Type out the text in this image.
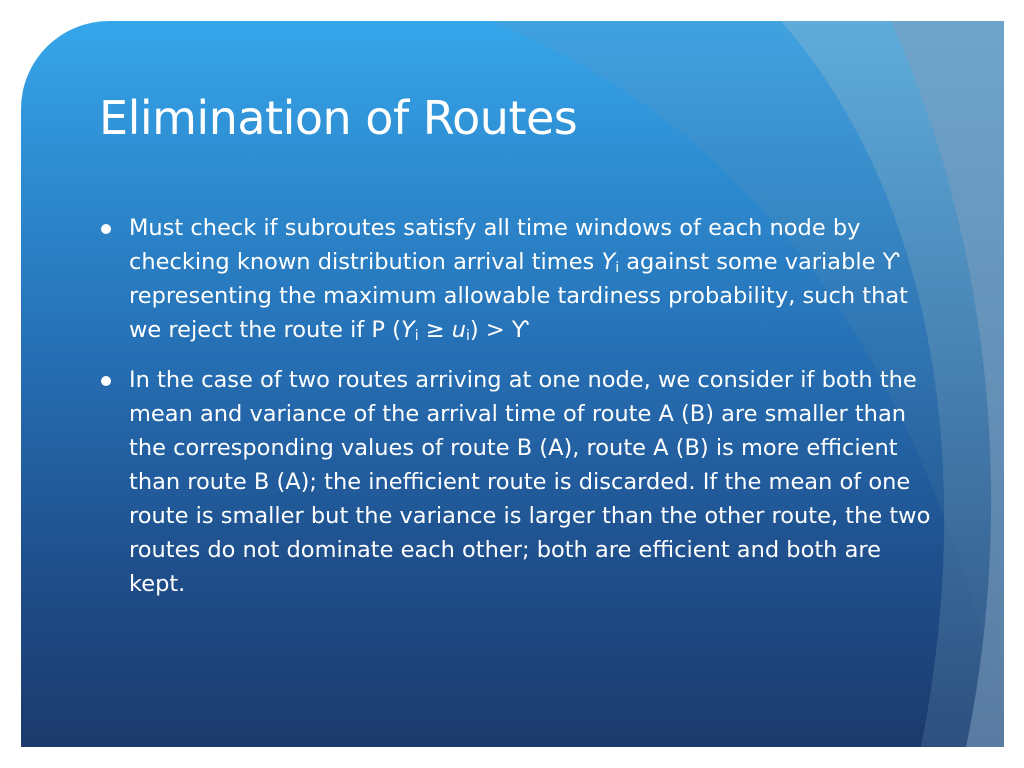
Elimination of Routes
Must check if subroutes satisfy all time windows of each node by checking known distribution arrival times $Y_i$ against some variable Ƴ representing the maximum allowable tardiness probability, such that we reject the route if P $(Y_i \ge u_i)$ > Ƴ
In the case of two routes arriving at one node, we consider if both the mean and variance of the arrival time of route A (B) are smaller than the corresponding values of route B (A), route A (B) is more efficient than route B (A); the inefficient route is discarded. If the mean of one route is smaller but the variance is larger than the other route, the two routes do not dominate each other; both are efficient and both are kept.
